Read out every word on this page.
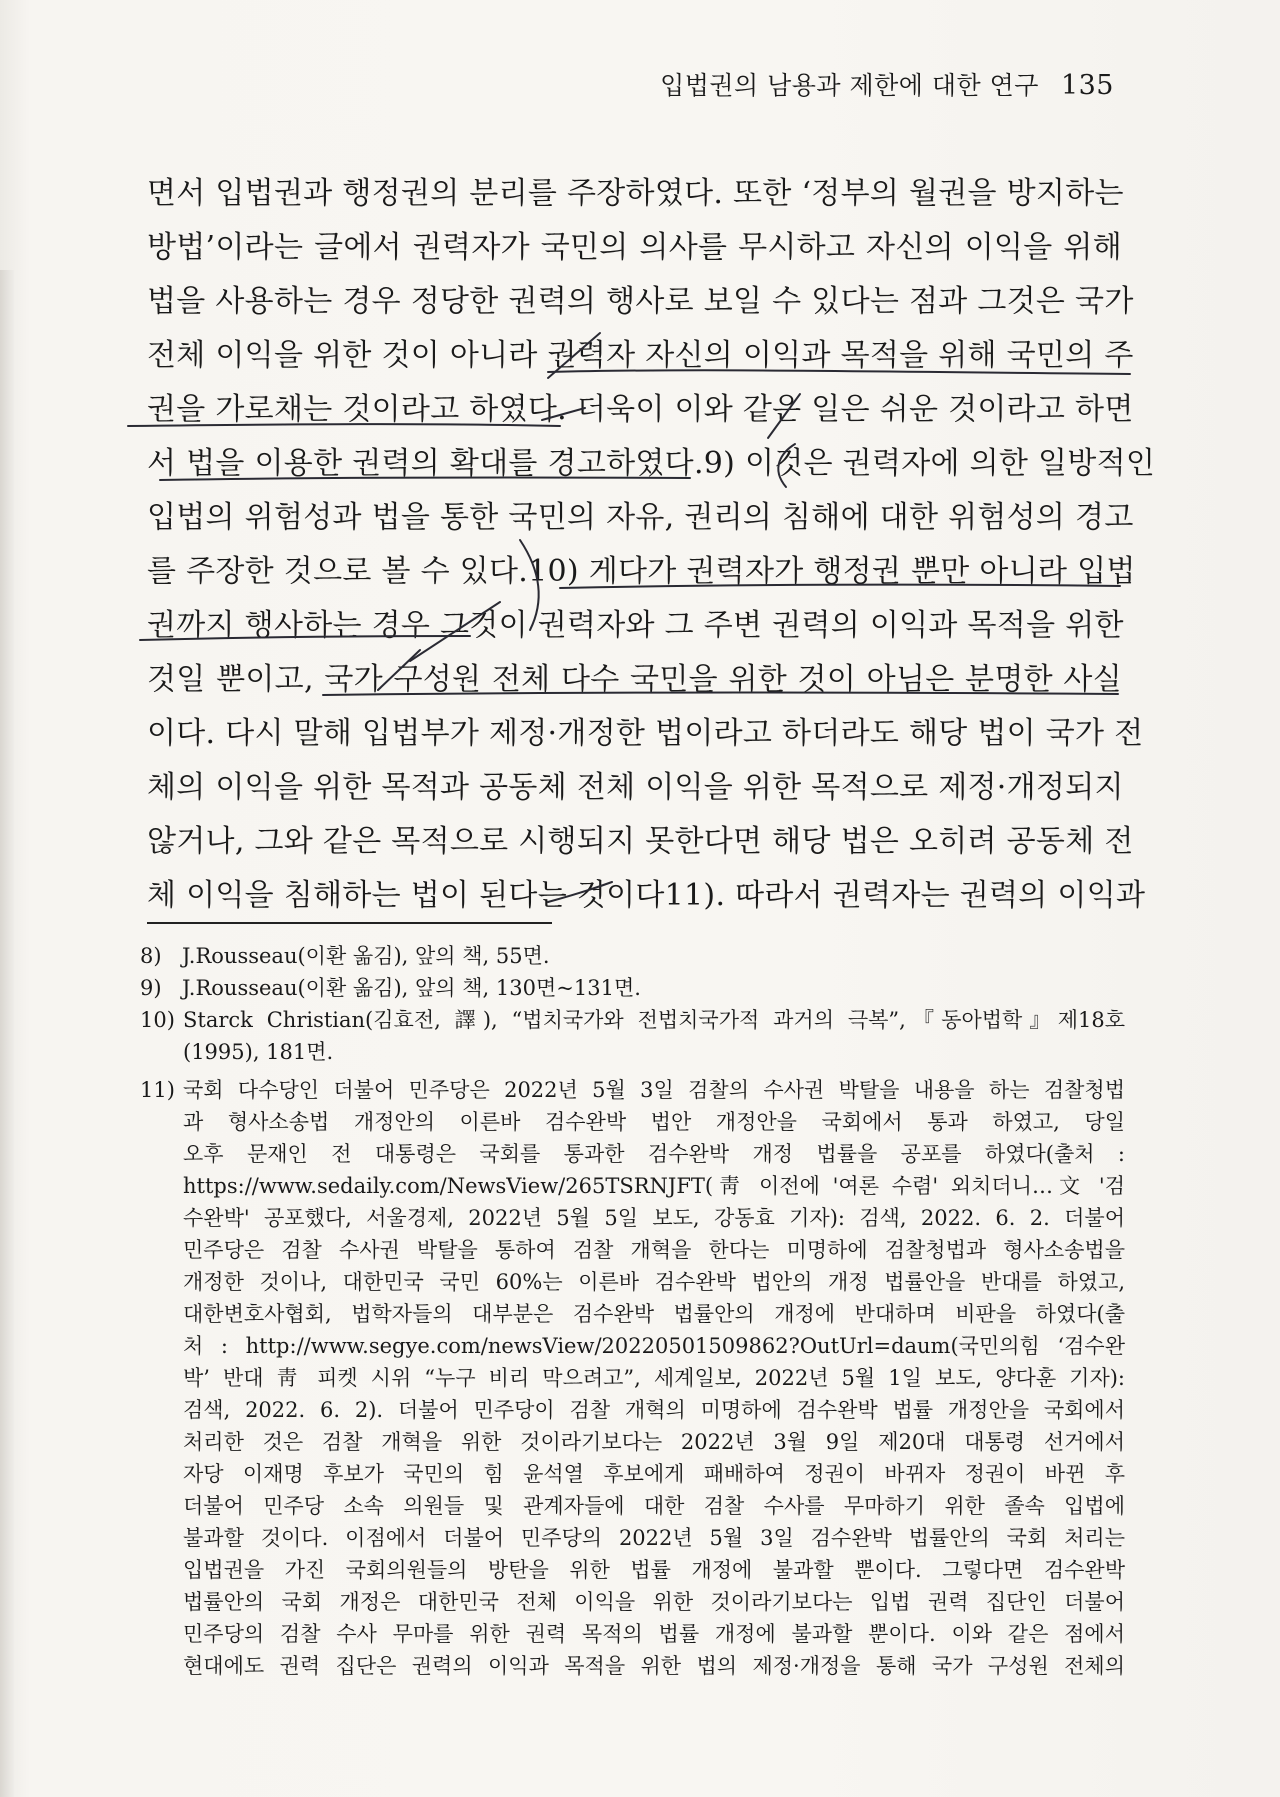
입법권의 남용과 제한에 대한 연구 135
면서 입법권과 행정권의 분리를 주장하였다. 또한 ‘정부의 월권을 방지하는
방법’이라는 글에서 권력자가 국민의 의사를 무시하고 자신의 이익을 위해
법을 사용하는 경우 정당한 권력의 행사로 보일 수 있다는 점과 그것은 국가
전체 이익을 위한 것이 아니라 권력자 자신의 이익과 목적을 위해 국민의 주
권을 가로채는 것이라고 하였다. 더욱이 이와 같은 일은 쉬운 것이라고 하면
서 법을 이용한 권력의 확대를 경고하였다.9) 이것은 권력자에 의한 일방적인
입법의 위험성과 법을 통한 국민의 자유, 권리의 침해에 대한 위험성의 경고
를 주장한 것으로 볼 수 있다.10) 게다가 권력자가 행정권 뿐만 아니라 입법
권까지 행사하는 경우 그것이 권력자와 그 주변 권력의 이익과 목적을 위한
것일 뿐이고, 국가 구성원 전체 다수 국민을 위한 것이 아님은 분명한 사실
이다. 다시 말해 입법부가 제정·개정한 법이라고 하더라도 해당 법이 국가 전
체의 이익을 위한 목적과 공동체 전체 이익을 위한 목적으로 제정·개정되지
않거나, 그와 같은 목적으로 시행되지 못한다면 해당 법은 오히려 공동체 전
체 이익을 침해하는 법이 된다는 것이다11). 따라서 권력자는 권력의 이익과
8) J.Rousseau(이환 옮김), 앞의 책, 55면.
9) J.Rousseau(이환 옮김), 앞의 책, 130면~131면.
10) Starck Christian(김효전, 譯), “법치국가와 전법치국가적 과거의 극복”,『동아법학』제18호
(1995), 181면.
11) 국회 다수당인 더불어 민주당은 2022년 5월 3일 검찰의 수사권 박탈을 내용을 하는 검찰청법
과 형사소송법 개정안의 이른바 검수완박 법안 개정안을 국회에서 통과 하였고, 당일
오후 문재인 전 대통령은 국회를 통과한 검수완박 개정 법률을 공포를 하였다(출처 :
https://www.sedaily.com/NewsView/265TSRNJFT(靑 이전에 '여론 수렴' 외치더니…文 '검
수완박' 공포했다, 서울경제, 2022년 5월 5일 보도, 강동효 기자): 검색, 2022. 6. 2. 더불어
민주당은 검찰 수사권 박탈을 통하여 검찰 개혁을 한다는 미명하에 검찰청법과 형사소송법을
개정한 것이나, 대한민국 국민 60%는 이른바 검수완박 법안의 개정 법률안을 반대를 하였고,
대한변호사협회, 법학자들의 대부분은 검수완박 법률안의 개정에 반대하며 비판을 하였다(출
처 : http://www.segye.com/newsView/20220501509862?OutUrl=daum(국민의힘 ‘검수완
박’ 반대 靑 피켓 시위 “누구 비리 막으려고”, 세계일보, 2022년 5월 1일 보도, 양다훈 기자):
검색, 2022. 6. 2). 더불어 민주당이 검찰 개혁의 미명하에 검수완박 법률 개정안을 국회에서
처리한 것은 검찰 개혁을 위한 것이라기보다는 2022년 3월 9일 제20대 대통령 선거에서
자당 이재명 후보가 국민의 힘 윤석열 후보에게 패배하여 정권이 바뀌자 정권이 바뀐 후
더불어 민주당 소속 의원들 및 관계자들에 대한 검찰 수사를 무마하기 위한 졸속 입법에
불과할 것이다. 이점에서 더불어 민주당의 2022년 5월 3일 검수완박 법률안의 국회 처리는
입법권을 가진 국회의원들의 방탄을 위한 법률 개정에 불과할 뿐이다. 그렇다면 검수완박
법률안의 국회 개정은 대한민국 전체 이익을 위한 것이라기보다는 입법 권력 집단인 더불어
민주당의 검찰 수사 무마를 위한 권력 목적의 법률 개정에 불과할 뿐이다. 이와 같은 점에서
현대에도 권력 집단은 권력의 이익과 목적을 위한 법의 제정·개정을 통해 국가 구성원 전체의
